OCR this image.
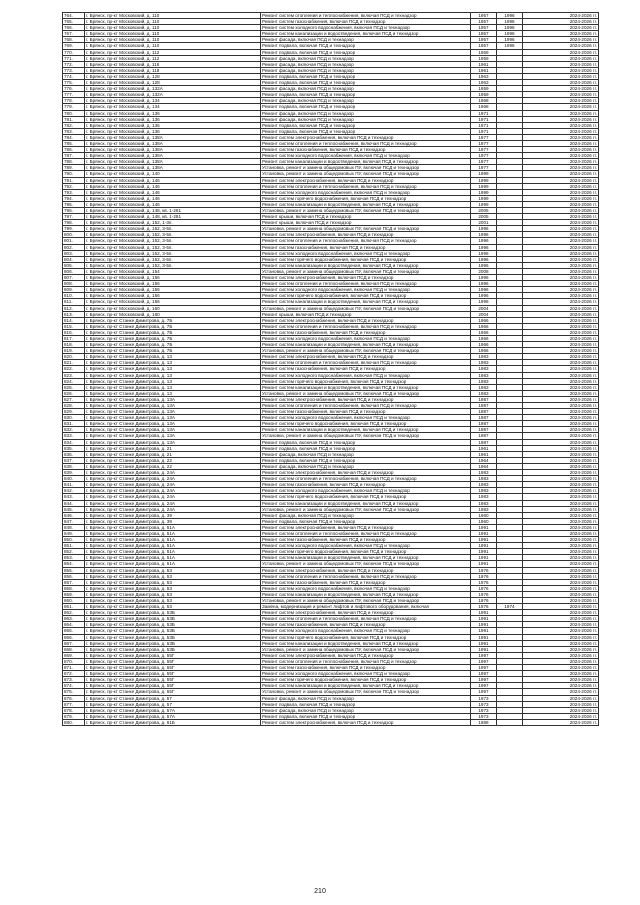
764.	г. Брянск, пр-кт Московский, д. 110	Ремонт систем отопления и теплоснабжения, включая ПСД и технадзор	1957	1996	2024-2026 гг.
765.	г. Брянск, пр-кт Московский, д. 110	Ремонт систем газоснабжения, включая ПСД и технадзор	1957	1996	2024-2026 гг.
766.	г. Брянск, пр-кт Московский, д. 110	Ремонт систем холодного водоснабжения, включая ПСД и технадзор	1957	1996	2024-2026 гг.
767.	г. Брянск, пр-кт Московский, д. 110	Ремонт систем канализации и водоотведения, включая ПСД и технадзор	1957	1996	2024-2026 гг.
768.	г. Брянск, пр-кт Московский, д. 110	Ремонт фасада, включая ПСД и технадзор	1957	1996	2024-2026 гг.
769.	г. Брянск, пр-кт Московский, д. 110	Ремонт подвала, включая ПСД и технадзор	1957	1996	2024-2026 гг.
770.	г. Брянск, пр-кт Московский, д. 112	Ремонт подвала, включая ПСД и технадзор	1959		2024-2026 гг.
771.	г. Брянск, пр-кт Московский, д. 112	Ремонт фасада, включая ПСД и технадзор	1959		2024-2026 гг.
772.	г. Брянск, пр-кт Московский, д. 116	Ремонт фасада, включая ПСД и технадзор	1961		2024-2026 гг.
773.	г. Брянск, пр-кт Московский, д. 118	Ремонт фасада, включая ПСД и технадзор	1961		2024-2026 гг.
774.	г. Брянск, пр-кт Московский, д. 128	Ремонт подвала, включая ПСД и технадзор	1963		2024-2026 гг.
775.	г. Брянск, пр-кт Московский, д. 128	Ремонт подвала, включая ПСД и технадзор	1963		2024-2026 гг.
776.	г. Брянск, пр-кт Московский, д. 132А	Ремонт фасада, включая ПСД и технадзор	1959		2024-2026 гг.
777.	г. Брянск, пр-кт Московский, д. 132А	Ремонт подвала, включая ПСД и технадзор	1959		2024-2026 гг.
778.	г. Брянск, пр-кт Московский, д. 134	Ремонт фасада, включая ПСД и технадзор	1968		2024-2026 гг.
779.	г. Брянск, пр-кт Московский, д. 134	Ремонт подвала, включая ПСД и технадзор	1968		2024-2026 гг.
780.	г. Брянск, пр-кт Московский, д. 136	Ремонт фасада, включая ПСД и технадзор	1971		2024-2026 гг.
781.	г. Брянск, пр-кт Московский, д. 136	Ремонт фасада, включая ПСД и технадзор	1971		2024-2026 гг.
782.	г. Брянск, пр-кт Московский, д. 136	Ремонт подвала, включая ПСД и технадзор	1971		2024-2026 гг.
783.	г. Брянск, пр-кт Московский, д. 136	Ремонт подвала, включая ПСД и технадзор	1971		2024-2026 гг.
784.	г. Брянск, пр-кт Московский, д. 138А	Ремонт систем электроснабжения, включая ПСД и технадзор	1977		2024-2026 гг.
785.	г. Брянск, пр-кт Московский, д. 138А	Ремонт систем отопления и теплоснабжения, включая ПСД и технадзор	1977		2024-2026 гг.
786.	г. Брянск, пр-кт Московский, д. 138А	Ремонт систем газоснабжения, включая ПСД и технадзор	1977		2024-2026 гг.
787.	г. Брянск, пр-кт Московский, д. 138А	Ремонт систем холодного водоснабжения, включая ПСД и технадзор	1977		2024-2026 гг.
788.	г. Брянск, пр-кт Московский, д. 138А	Ремонт систем канализации и водоотведения, включая ПСД и технадзор	1977		2024-2026 гг.
789.	г. Брянск, пр-кт Московский, д. 138А	Установка, ремонт и замена общедомовых ПУ, включая ПСД и технадзор	1977		2024-2026 гг.
790.	г. Брянск, пр-кт Московский, д. 140	Установка, ремонт и замена общедомовых ПУ, включая ПСД и технадзор	1999		2024-2026 гг.
791.	г. Брянск, пр-кт Московский, д. 146	Ремонт систем электроснабжения, включая ПСД и технадзор	1999		2024-2026 гг.
792.	г. Брянск, пр-кт Московский, д. 146	Ремонт систем отопления и теплоснабжения, включая ПСД и технадзор	1999		2024-2026 гг.
793.	г. Брянск, пр-кт Московский, д. 146	Ремонт систем холодного водоснабжения, включая ПСД и технадзор	1999		2024-2026 гг.
794.	г. Брянск, пр-кт Московский, д. 146	Ремонт систем горячего водоснабжения, включая ПСД и технадзор	1999		2024-2026 гг.
795.	г. Брянск, пр-кт Московский, д. 146	Ремонт систем канализации и водоотведения, включая ПСД и технадзор	1999		2024-2026 гг.
796.	г. Брянск, пр-кт Московский, д. 148, кв. 1-281	Установка, ремонт и замена общедомовых ПУ, включая ПСД и технадзор	2005		2024-2026 гг.
797.	г. Брянск, пр-кт Московский, д. 148, кв. 1-281	Ремонт крыши, включая ПСД и технадзор	2005		2024-2026 гг.
798.	г. Брянск, пр-кт Московский, д. 152, 1-3п.	Ремонт крыши, включая ПСД и технадзор	2001		2024-2026 гг.
799.	г. Брянск, пр-кт Московский, д. 152, 3-5п.	Установка, ремонт и замена общедомовых ПУ, включая ПСД и технадзор	1996		2024-2026 гг.
800.	г. Брянск, пр-кт Московский, д. 152, 3-5п.	Ремонт систем электроснабжения, включая ПСД и технадзор	1996		2024-2026 гг.
801.	г. Брянск, пр-кт Московский, д. 152, 3-5п.	Ремонт систем отопления и теплоснабжения, включая ПСД и технадзор	1996		2024-2026 гг.
802.	г. Брянск, пр-кт Московский, д. 152, 3-5п.	Ремонт систем газоснабжения, включая ПСД и технадзор	1996		2024-2026 гг.
803.	г. Брянск, пр-кт Московский, д. 152, 3-5п.	Ремонт систем холодного водоснабжения, включая ПСД и технадзор	1996		2024-2026 гг.
804.	г. Брянск, пр-кт Московский, д. 152, 3-5п.	Ремонт систем горячего водоснабжения, включая ПСД и технадзор	1996		2024-2026 гг.
805.	г. Брянск, пр-кт Московский, д. 152, 3-5п.	Ремонт систем канализации и водоотведения, включая ПСД и технадзор	1996		2024-2026 гг.
806.	г. Брянск, пр-кт Московский, д. 154	Установка, ремонт и замена общедомовых ПУ, включая ПСД и технадзор	2008		2024-2026 гг.
807.	г. Брянск, пр-кт Московский, д. 156	Ремонт систем электроснабжения, включая ПСД и технадзор	1996		2024-2026 гг.
808.	г. Брянск, пр-кт Московский, д. 156	Ремонт систем отопления и теплоснабжения, включая ПСД и технадзор	1996		2024-2026 гг.
809.	г. Брянск, пр-кт Московский, д. 156	Ремонт систем холодного водоснабжения, включая ПСД и технадзор	1996		2024-2026 гг.
810.	г. Брянск, пр-кт Московский, д. 156	Ремонт систем горячего водоснабжения, включая ПСД и технадзор	1996		2024-2026 гг.
811.	г. Брянск, пр-кт Московский, д. 156	Ремонт систем канализации и водоотведения, включая ПСД и технадзор	1996		2024-2026 гг.
812.	г. Брянск, пр-кт Московский, д. 160	Установка, ремонт и замена общедомовых ПУ, включая ПСД и технадзор	2004		2024-2026 гг.
813.	г. Брянск, пр-кт Московский, д. 160	Ремонт крыши, включая ПСД и технадзор	2004		2024-2026 гг.
814.	г. Брянск, пр-кт Станке Димитрова, д. 7Б	Ремонт систем электроснабжения, включая ПСД и технадзор	1966		2024-2026 гг.
815.	г. Брянск, пр-кт Станке Димитрова, д. 7Б	Ремонт систем отопления и теплоснабжения, включая ПСД и технадзор	1966		2024-2026 гг.
816.	г. Брянск, пр-кт Станке Димитрова, д. 7Б	Ремонт систем газоснабжения, включая ПСД и технадзор	1966		2024-2026 гг.
817.	г. Брянск, пр-кт Станке Димитрова, д. 7Б	Ремонт систем холодного водоснабжения, включая ПСД и технадзор	1966		2024-2026 гг.
818.	г. Брянск, пр-кт Станке Димитрова, д. 7Б	Ремонт систем канализации и водоотведения, включая ПСД и технадзор	1966		2024-2026 гг.
819.	г. Брянск, пр-кт Станке Димитрова, д. 7Б	Установка, ремонт и замена общедомовых ПУ, включая ПСД и технадзор	1966		2024-2026 гг.
820.	г. Брянск, пр-кт Станке Димитрова, д. 13	Ремонт систем электроснабжения, включая ПСД и технадзор	1983		2024-2026 гг.
821.	г. Брянск, пр-кт Станке Димитрова, д. 13	Ремонт систем отопления и теплоснабжения, включая ПСД и технадзор	1983		2024-2026 гг.
822.	г. Брянск, пр-кт Станке Димитрова, д. 13	Ремонт систем газоснабжения, включая ПСД и технадзор	1983		2024-2026 гг.
823.	г. Брянск, пр-кт Станке Димитрова, д. 13	Ремонт систем холодного водоснабжения, включая ПСД и технадзор	1983		2024-2026 гг.
824.	г. Брянск, пр-кт Станке Димитрова, д. 13	Ремонт систем горячего водоснабжения, включая ПСД и технадзор	1983		2024-2026 гг.
825.	г. Брянск, пр-кт Станке Димитрова, д. 13	Ремонт систем канализации и водоотведения, включая ПСД и технадзор	1983		2024-2026 гг.
826.	г. Брянск, пр-кт Станке Димитрова, д. 13	Установка, ремонт и замена общедомовых ПУ, включая ПСД и технадзор	1983		2024-2026 гг.
827.	г. Брянск, пр-кт Станке Димитрова, д. 13А	Ремонт систем электроснабжения, включая ПСД и технадзор	1987		2024-2026 гг.
828.	г. Брянск, пр-кт Станке Димитрова, д. 13А	Ремонт систем отопления и теплоснабжения, включая ПСД и технадзор	1987		2024-2026 гг.
829.	г. Брянск, пр-кт Станке Димитрова, д. 13А	Ремонт систем газоснабжения, включая ПСД и технадзор	1987		2024-2026 гг.
830.	г. Брянск, пр-кт Станке Димитрова, д. 13А	Ремонт систем холодного водоснабжения, включая ПСД и технадзор	1987		2024-2026 гг.
831.	г. Брянск, пр-кт Станке Димитрова, д. 13А	Ремонт систем горячего водоснабжения, включая ПСД и технадзор	1987		2024-2026 гг.
832.	г. Брянск, пр-кт Станке Димитрова, д. 13А	Ремонт систем канализации и водоотведения, включая ПСД и технадзор	1987		2024-2026 гг.
833.	г. Брянск, пр-кт Станке Димитрова, д. 13А	Установка, ремонт и замена общедомовых ПУ, включая ПСД и технадзор	1987		2024-2026 гг.
834.	г. Брянск, пр-кт Станке Димитрова, д. 13А	Ремонт подвала, включая ПСД и технадзор	1987		2024-2026 гг.
835.	г. Брянск, пр-кт Станке Димитрова, д. 21	Ремонт подвала, включая ПСД и технадзор	1961		2024-2026 гг.
836.	г. Брянск, пр-кт Станке Димитрова, д. 21	Ремонт фасада, включая ПСД и технадзор	1961		2024-2026 гг.
837.	г. Брянск, пр-кт Станке Димитрова, д. 22	Ремонт подвала, включая ПСД и технадзор	1964		2024-2026 гг.
838.	г. Брянск, пр-кт Станке Димитрова, д. 22	Ремонт фасада, включая ПСД и технадзор	1964		2024-2026 гг.
839.	г. Брянск, пр-кт Станке Димитрова, д. 24А	Ремонт систем электроснабжения, включая ПСД и технадзор	1983		2024-2026 гг.
840.	г. Брянск, пр-кт Станке Димитрова, д. 24А	Ремонт систем отопления и теплоснабжения, включая ПСД и технадзор	1983		2024-2026 гг.
841.	г. Брянск, пр-кт Станке Димитрова, д. 24А	Ремонт систем газоснабжения, включая ПСД и технадзор	1983		2024-2026 гг.
842.	г. Брянск, пр-кт Станке Димитрова, д. 24А	Ремонт систем холодного водоснабжения, включая ПСД и технадзор	1983		2024-2026 гг.
843.	г. Брянск, пр-кт Станке Димитрова, д. 24А	Ремонт систем горячего водоснабжения, включая ПСД и технадзор	1983		2024-2026 гг.
844.	г. Брянск, пр-кт Станке Димитрова, д. 24А	Ремонт систем канализации и водоотведения, включая ПСД и технадзор	1983		2024-2026 гг.
845.	г. Брянск, пр-кт Станке Димитрова, д. 24А	Установка, ремонт и замена общедомовых ПУ, включая ПСД и технадзор	1983		2024-2026 гг.
846.	г. Брянск, пр-кт Станке Димитрова, д. 39	Ремонт фасада, включая ПСД и технадзор	1960		2024-2026 гг.
847.	г. Брянск, пр-кт Станке Димитрова, д. 39	Ремонт подвала, включая ПСД и технадзор	1960		2024-2026 гг.
848.	г. Брянск, пр-кт Станке Димитрова, д. 51А	Ремонт систем электроснабжения, включая ПСД и технадзор	1991		2024-2026 гг.
849.	г. Брянск, пр-кт Станке Димитрова, д. 51А	Ремонт систем отопления и теплоснабжения, включая ПСД и технадзор	1991		2024-2026 гг.
850.	г. Брянск, пр-кт Станке Димитрова, д. 51А	Ремонт систем газоснабжения, включая ПСД и технадзор	1991		2024-2026 гг.
851.	г. Брянск, пр-кт Станке Димитрова, д. 51А	Ремонт систем холодного водоснабжения, включая ПСД и технадзор	1991		2024-2026 гг.
852.	г. Брянск, пр-кт Станке Димитрова, д. 51А	Ремонт систем горячего водоснабжения, включая ПСД и технадзор	1991		2024-2026 гг.
853.	г. Брянск, пр-кт Станке Димитрова, д. 51А	Ремонт систем канализации и водоотведения, включая ПСД и технадзор	1991		2024-2026 гг.
854.	г. Брянск, пр-кт Станке Димитрова, д. 51А	Установка, ремонт и замена общедомовых ПУ, включая ПСД и технадзор	1991		2024-2026 гг.
855.	г. Брянск, пр-кт Станке Димитрова, д. 53	Ремонт систем электроснабжения, включая ПСД и технадзор	1976		2024-2026 гг.
856.	г. Брянск, пр-кт Станке Димитрова, д. 53	Ремонт систем отопления и теплоснабжения, включая ПСД и технадзор	1976		2024-2026 гг.
857.	г. Брянск, пр-кт Станке Димитрова, д. 53	Ремонт систем газоснабжения, включая ПСД и технадзор	1976		2024-2026 гг.
858.	г. Брянск, пр-кт Станке Димитрова, д. 53	Ремонт систем холодного водоснабжения, включая ПСД и технадзор	1976		2024-2026 гг.
859.	г. Брянск, пр-кт Станке Димитрова, д. 53	Ремонт систем канализации и водоотведения, включая ПСД и технадзор	1976		2024-2026 гг.
860.	г. Брянск, пр-кт Станке Димитрова, д. 53	Установка, ремонт и замена общедомовых ПУ, включая ПСД и технадзор	1976		2024-2026 гг.
861.	г. Брянск, пр-кт Станке Димитрова, д. 53	Замена, модернизация и ремонт лифтов и лифтового оборудования, включая	1976	1974	2024-2026 гг.
862.	г. Брянск, пр-кт Станке Димитрова, д. 53Б	Ремонт систем электроснабжения, включая ПСД и технадзор	1991		2024-2026 гг.
863.	г. Брянск, пр-кт Станке Димитрова, д. 53Б	Ремонт систем отопления и теплоснабжения, включая ПСД и технадзор	1991		2024-2026 гг.
864.	г. Брянск, пр-кт Станке Димитрова, д. 53Б	Ремонт систем газоснабжения, включая ПСД и технадзор	1991		2024-2026 гг.
865.	г. Брянск, пр-кт Станке Димитрова, д. 53Б	Ремонт систем холодного водоснабжения, включая ПСД и технадзор	1991		2024-2026 гг.
866.	г. Брянск, пр-кт Станке Димитрова, д. 53Б	Ремонт систем горячего водоснабжения, включая ПСД и технадзор	1991		2024-2026 гг.
867.	г. Брянск, пр-кт Станке Димитрова, д. 53Б	Ремонт систем канализации и водоотведения, включая ПСД и технадзор	1991		2024-2026 гг.
868.	г. Брянск, пр-кт Станке Димитрова, д. 53Б	Установка, ремонт и замена общедомовых ПУ, включая ПСД и технадзор	1991		2024-2026 гг.
869.	г. Брянск, пр-кт Станке Димитрова, д. 55Г	Ремонт систем электроснабжения, включая ПСД и технадзор	1997		2024-2026 гг.
870.	г. Брянск, пр-кт Станке Димитрова, д. 55Г	Ремонт систем отопления и теплоснабжения, включая ПСД и технадзор	1997		2024-2026 гг.
871.	г. Брянск, пр-кт Станке Димитрова, д. 55Г	Ремонт систем газоснабжения, включая ПСД и технадзор	1997		2024-2026 гг.
872.	г. Брянск, пр-кт Станке Димитрова, д. 55Г	Ремонт систем холодного водоснабжения, включая ПСД и технадзор	1997		2024-2026 гг.
873.	г. Брянск, пр-кт Станке Димитрова, д. 55Г	Ремонт систем горячего водоснабжения, включая ПСД и технадзор	1997		2024-2026 гг.
874.	г. Брянск, пр-кт Станке Димитрова, д. 55Г	Ремонт систем канализации и водоотведения, включая ПСД и технадзор	1997		2024-2026 гг.
875.	г. Брянск, пр-кт Станке Димитрова, д. 55Г	Установка, ремонт и замена общедомовых ПУ, включая ПСД и технадзор	1997		2024-2026 гг.
876.	г. Брянск, пр-кт Станке Димитрова, д. 57	Ремонт фасада, включая ПСД и технадзор	1973		2024-2026 гг.
877.	г. Брянск, пр-кт Станке Димитрова, д. 57	Ремонт подвала, включая ПСД и технадзор	1973		2024-2026 гг.
878.	г. Брянск, пр-кт Станке Димитрова, д. 57А	Ремонт фасада, включая ПСД и технадзор	1973		2024-2026 гг.
879.	г. Брянск, пр-кт Станке Димитрова, д. 57А	Ремонт подвала, включая ПСД и технадзор	1973		2024-2026 гг.
880.	г. Брянск, пр-кт Станке Димитрова, д. 61Б	Ремонт систем электроснабжения, включая ПСД и технадзор	1988		2024-2026 гг.
210
